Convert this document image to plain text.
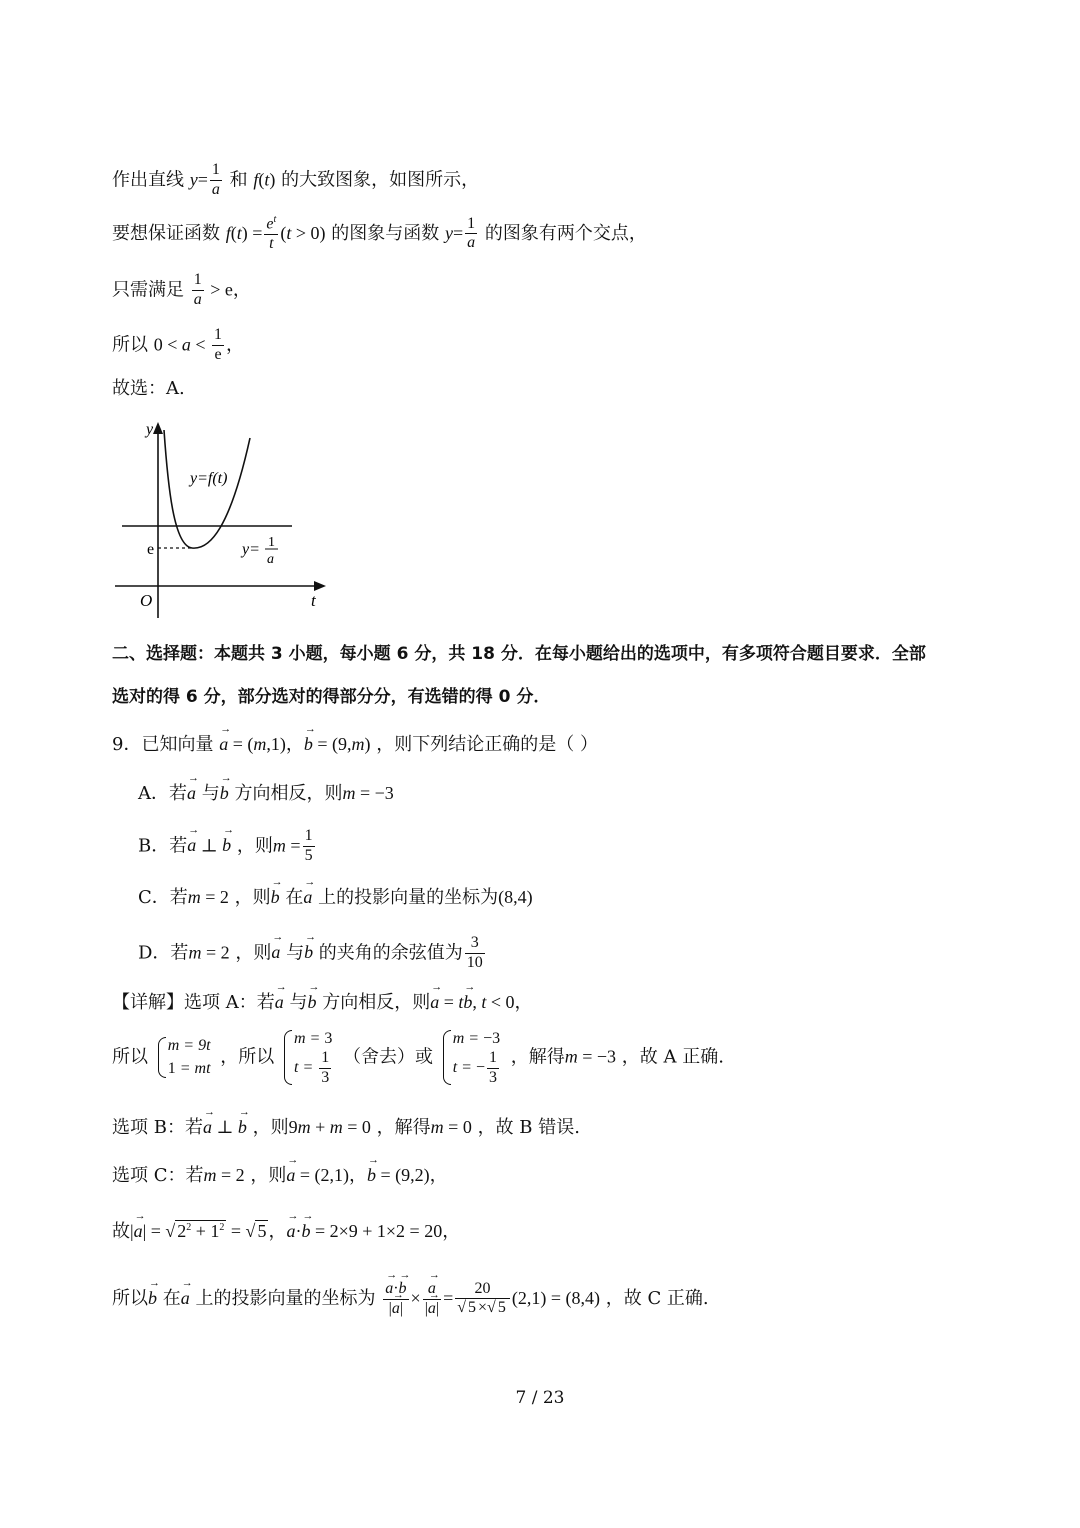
作出直线 $y= \frac{1}{a}$ 和 f(t) 的大致图象，如图所示，
要想保证函数 $f(t) = \frac{e^t}{t} (t > 0)$ 的图象与函数 $y= \frac{1}{a}$ 的图象有两个交点，
只需满足 $\frac{1}{a} > e$，
所以 $0 < a < \frac{1}{e}$ ，
故选：A.
y
t
O
e
y=f(t)
y= 1
a
二、选择题：本题共 3 小题，每小题 6 分，共 18 分．在每小题给出的选项中，有多项符合题目要求．全部
选对的得 6 分，部分选对的得部分分，有选错的得 0 分．
9．已知向量 → a = (m,1)，→ b = (9,m) ，则下列结论正确的是（ ）
A．若→ a 与→ b 方向相反，则m = −3
B．若→ a ⊥ → b ，则$m = \frac{1}{5}$
C．若m = 2 ，则→ b 在→ a 上的投影向量的坐标为(8,4)
D．若m = 2 ，则→ a 与→ b 的夹角的余弦值为 $\frac{3}{10}$
【详解】选项 A：若→ a 与→ b 方向相反，则→ a = t→ b, t < 0，
所以
m = 9t
1 = mt
，所以
m = 3
$t = \frac{1}{3}$ （舍去）或
m = −3
t = − $\frac{1}{3}$ ，解得m = −3 ，故 A 正确.
选项 B：若→ a ⊥ → b ，则9m + m = 0 ，解得m = 0 ，故 B 错误.
选项 C：若m = 2 ，则→ a = (2,1)，→ b = (9,2)，
故|→ a| = √ $2^2 + 1^2$ = √ 5 ，→ a·→ b = 2×9 + 1×2 = 20，
所以→ b 在→ a 上的投影向量的坐标为 → $\frac{a\cdot\to b}{|\to a|}$ × → $\frac{a}{|\to a|} = \frac{20}{√ 5 \times√ 5} (2,1) = (8,4)$ ，故 C 正确.
7 / 23
